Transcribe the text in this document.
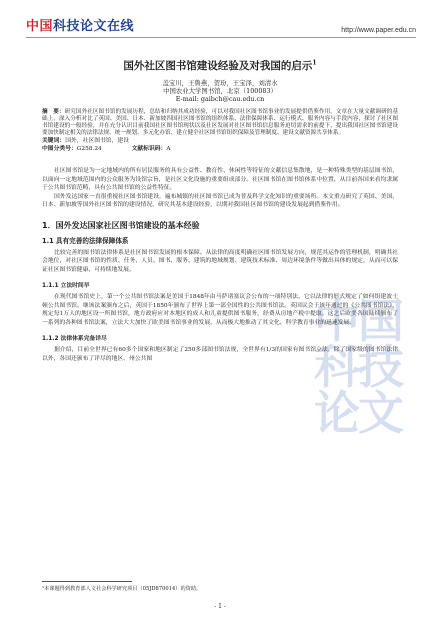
中国科技论文在线	http://www.paper.edu.cn
中国
科技
论文
国外社区图书馆建设经验及对我国的启示$^1$
盖宝川，王鲁燕，贺玢，王宝泽，刘清水
中国农业大学图书馆，北京（100083）
E-mail: gaibch@cau.edu.cn
摘　要：研究国外社区图书馆的发展历程，总结和归纳其成功经验，可以对我国社区图书馆事业的发展提供借鉴作用。文章在大量文献调研的基础上，深入分析对比了英国、美国、日本、新加坡四国社区图书馆的组织体系、法律保障体系、运行模式、服务内容与手段内容，探讨了社区图书馆建设的一般经验，并在充分认识目前我国社区图书馆现状以及社区发展对社区图书馆信息服务迫切需求的前提下，提出我国社区图书馆建设要加快制定相关的法律法规、统一规划、多元化办馆、建立健全社区图书馆组织保障及管理制度、建设文献资源共享体系。
关键词：国外，社区图书馆，建设
中图分类号：G258.24	文献标识码：A

社区图书馆是为一定地域内的所有居民服务的具有公益性、教育性、休闲性等特征的文献信息集散地，是一种特殊类型的基层图书馆，以面向一定地域范围内的公众服务为设馆宗旨，是社区文化设施的重要组成部分。社区图书馆在图书馆体系中位置，从目前各国来看均隶属于公共图书馆范畴，具有公共图书馆的公益性特征。

国外发达国家一直很重视社区图书馆建设，遍布城镇的社区图书馆已成为普及科学文化知识的重要场所。本文重点研究了英国、美国、日本、新加坡等国外社区图书馆的建设情况，研究其基本建设经验，以期对我国社区图书馆的建设发展起到借鉴作用。

1．国外发达国家社区图书馆建设的基本经验
1.1 具有完善的法律保障体系

比较完善的图书馆法律体系是社区图书馆发展的根本保障。从法律的高度明确社区图书馆发展方向，规范其运作的管理机制，明确其社会地位，对社区图书馆的性质、任务、人员、图书、服务、建筑的地域规划、建筑技术标准、周边环境条件等做出具体的规定，从而可以保证社区图书馆健康、可持续地发展。

1.1.1 立法时间早

在现代图书馆史上，第一个公共图书馆法案是美国于1848年由马萨诸塞议会公布的一项特别法，它以法律的形式规定了如何组建波士顿公共图书馆。继该法案颁布之后，英国于1850年颁布了世界上第一部全国性的公共图书馆法。英国议会于该年通过的《公共图书馆法》，规定每1万人的地区设一所图书馆，地方政府应对本地区的成人和儿童提供图书服务，经费从房地产税中提取。这之后欧美各国陆续颁布了一系列的各种图书馆法案，立法大大加快了欧美图书馆事业的发展，从而极大地推动了其文化、科学教育事业的迅速发展。

1.1.2 法律体系完备详尽

据介绍，目前全世界已有60多个国家和地区制定了250多部图书馆法规，全世界有1/3的国家有图书馆立法。除了国家级的图书馆法律以外，各国还颁布了详尽的地区、州公共图

¹本课题得到教育部人文社会科学研究项目（05JD870014）的资助。
- 1 -
